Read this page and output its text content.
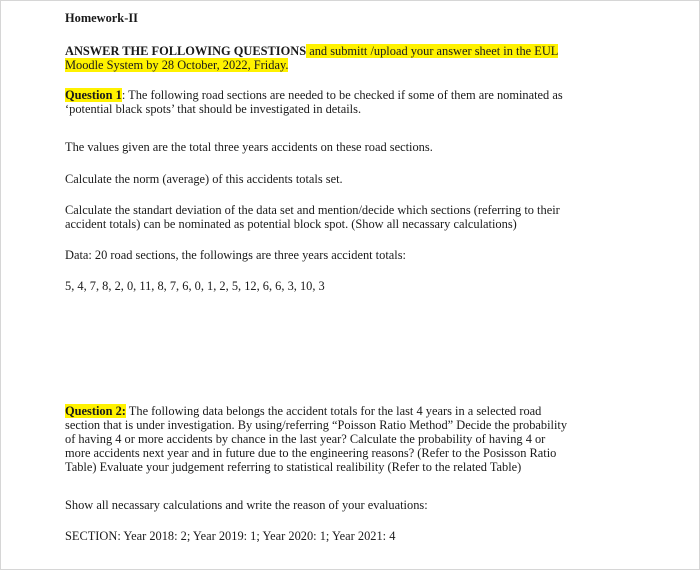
Homework-II

ANSWER THE FOLLOWING QUESTIONS and submitt /upload your answer sheet in the EUL
Moodle System by 28 October, 2022, Friday.

Question 1: The following road sections are needed to be checked if some of them are nominated as
‘potential black spots’ that should be investigated in details.

The values given are the total three years accidents on these road sections.

Calculate the norm (average) of this accidents totals set.

Calculate the standart deviation of the data set and mention/decide which sections (referring to their
accident totals) can be nominated as potential block spot. (Show all necassary calculations)

Data: 20 road sections, the followings are three years accident totals:

5, 4, 7, 8, 2, 0, 11, 8, 7, 6, 0, 1, 2, 5, 12, 6, 6, 3, 10, 3

Question 2: The following data belongs the accident totals for the last 4 years in a selected road
section that is under investigation. By using/referring “Poisson Ratio Method” Decide the probability
of having 4 or more accidents by chance in the last year? Calculate the probability of having 4 or
more accidents next year and in future due to the engineering reasons? (Refer to the Posisson Ratio
Table) Evaluate your judgement referring to statistical realibility (Refer to the related Table)

Show all necassary calculations and write the reason of your evaluations:

SECTION: Year 2018: 2; Year 2019: 1; Year 2020: 1; Year 2021: 4
